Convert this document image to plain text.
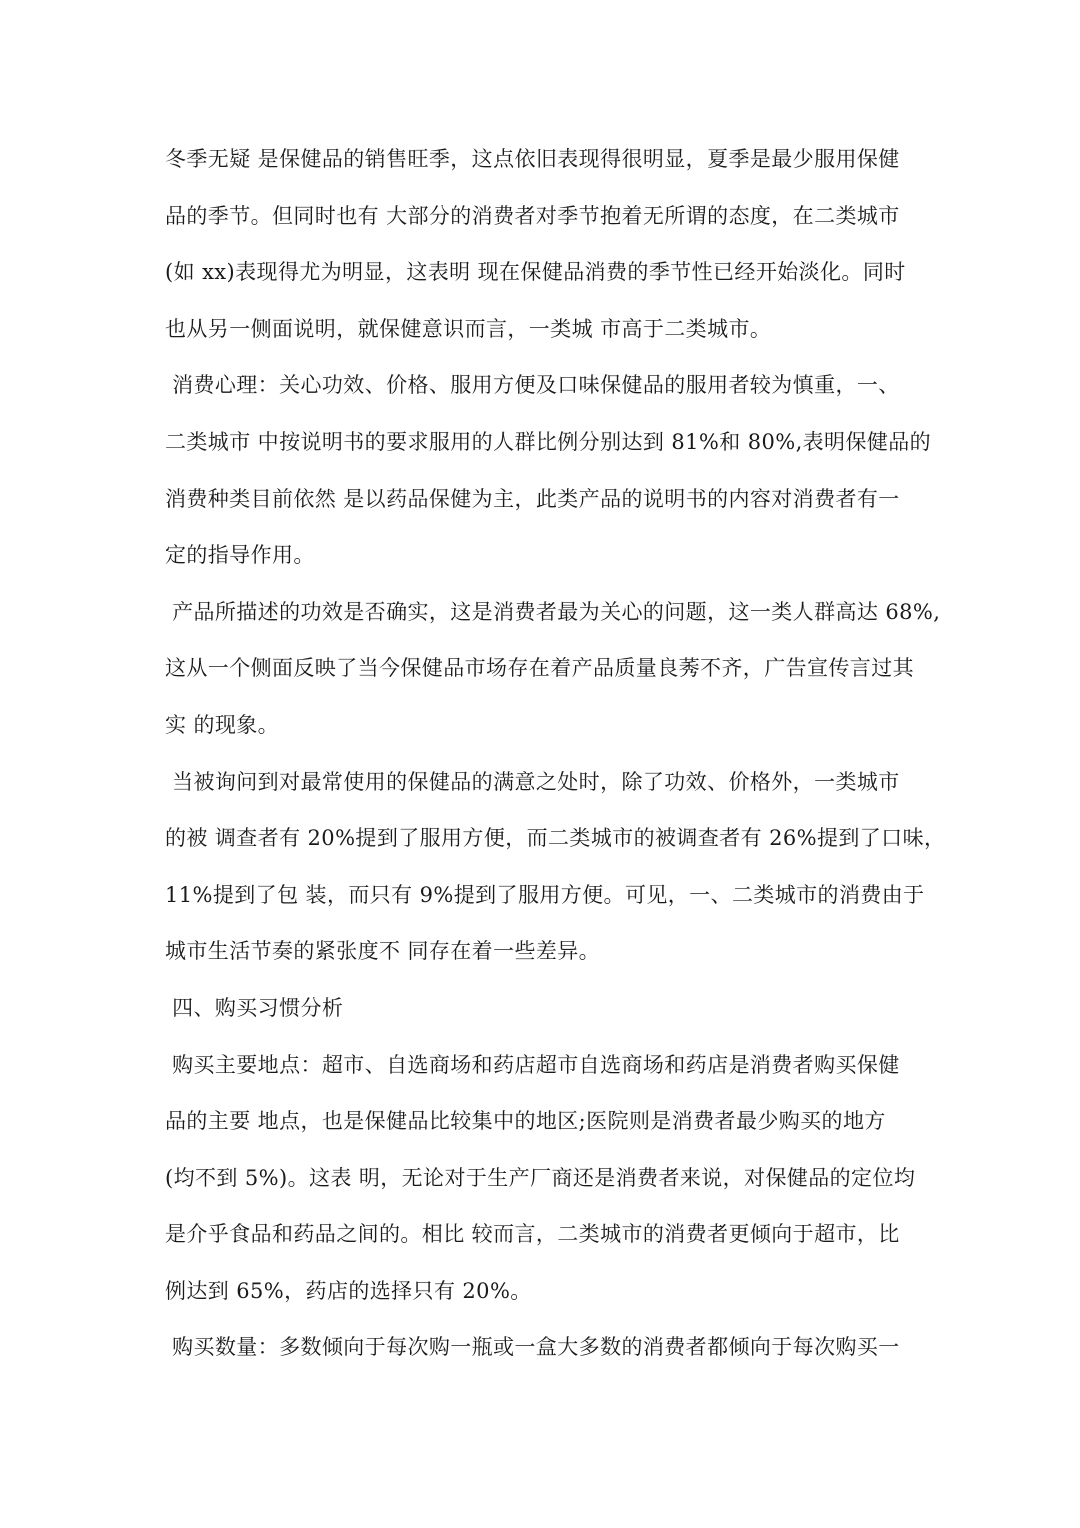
冬季无疑 是保健品的销售旺季，这点依旧表现得很明显，夏季是最少服用保健
品的季节。但同时也有 大部分的消费者对季节抱着无所谓的态度，在二类城市
(如 xx)表现得尤为明显，这表明 现在保健品消费的季节性已经开始淡化。同时
也从另一侧面说明，就保健意识而言，一类城 市高于二类城市。
消费心理：关心功效、价格、服用方便及口味保健品的服用者较为慎重，一、
二类城市 中按说明书的要求服用的人群比例分别达到 81%和 80%,表明保健品的
消费种类目前依然 是以药品保健为主，此类产品的说明书的内容对消费者有一
定的指导作用。
产品所描述的功效是否确实，这是消费者最为关心的问题，这一类人群高达 68%,
这从一个侧面反映了当今保健品市场存在着产品质量良莠不齐，广告宣传言过其
实 的现象。
当被询问到对最常使用的保健品的满意之处时，除了功效、价格外，一类城市
的被 调查者有 20%提到了服用方便，而二类城市的被调查者有 26%提到了口味，
11%提到了包 装，而只有 9%提到了服用方便。可见，一、二类城市的消费由于
城市生活节奏的紧张度不 同存在着一些差异。
四、购买习惯分析
购买主要地点：超市、自选商场和药店超市自选商场和药店是消费者购买保健
品的主要 地点，也是保健品比较集中的地区;医院则是消费者最少购买的地方
(均不到 5%)。这表 明，无论对于生产厂商还是消费者来说，对保健品的定位均
是介乎食品和药品之间的。相比 较而言，二类城市的消费者更倾向于超市，比
例达到 65%，药店的选择只有 20%。
购买数量：多数倾向于每次购一瓶或一盒大多数的消费者都倾向于每次购买一
